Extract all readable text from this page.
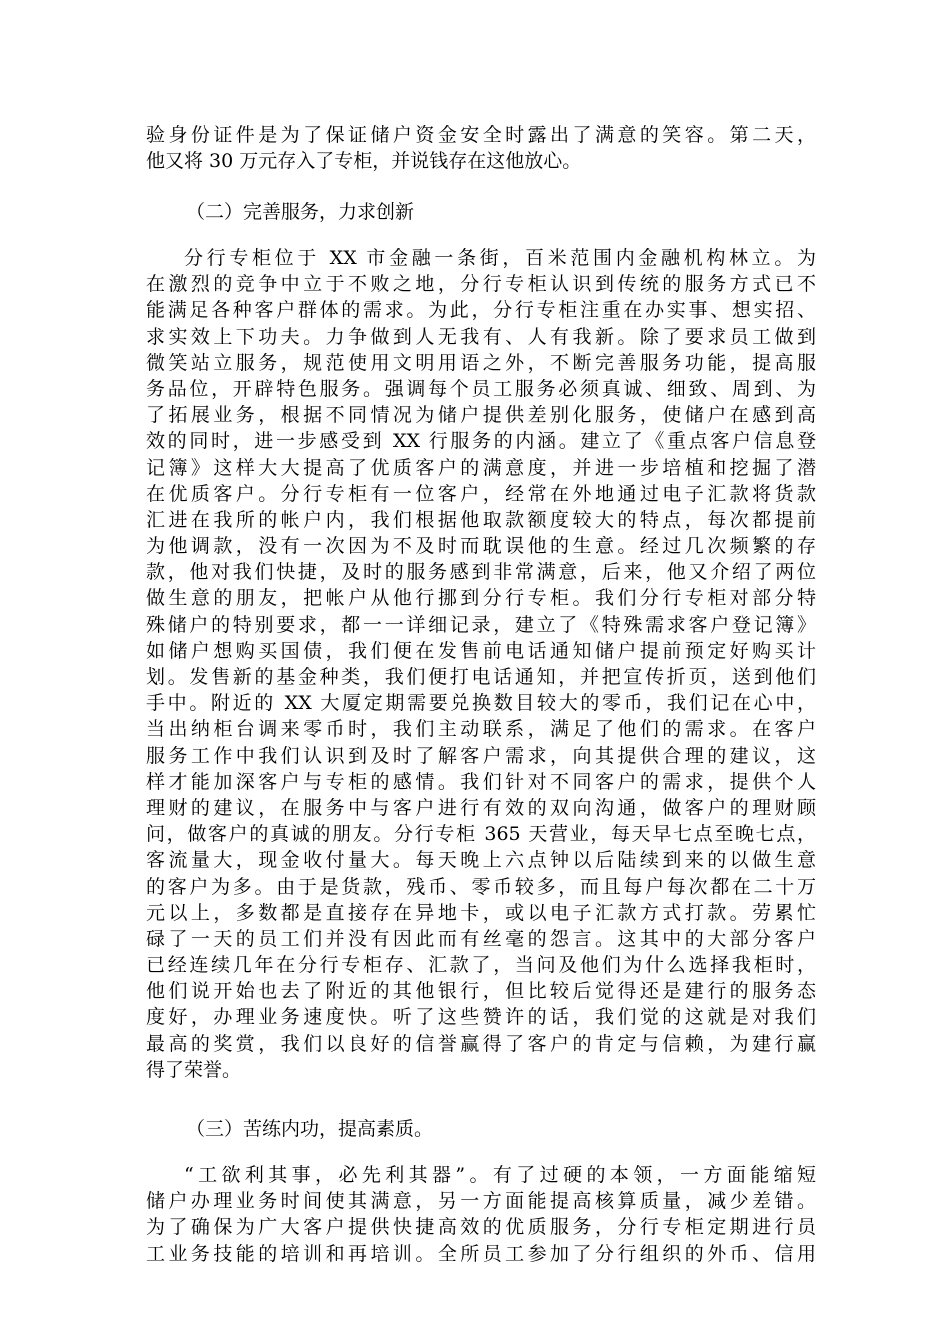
验身份证件是为了保证储户资金安全时露出了满意的笑容。第二天，
他又将 30 万元存入了专柜，并说钱存在这他放心。
（二）完善服务，力求创新
分行专柜位于 XX 市金融一条街，百米范围内金融机构林立。为
在激烈的竞争中立于不败之地，分行专柜认识到传统的服务方式已不
能满足各种客户群体的需求。为此，分行专柜注重在办实事、想实招、
求实效上下功夫。力争做到人无我有、人有我新。除了要求员工做到
微笑站立服务，规范使用文明用语之外，不断完善服务功能，提高服
务品位，开辟特色服务。强调每个员工服务必须真诚、细致、周到、为
了拓展业务，根据不同情况为储户提供差别化服务，使储户在感到高
效的同时，进一步感受到 XX 行服务的内涵。建立了《重点客户信息登
记簿》这样大大提高了优质客户的满意度，并进一步培植和挖掘了潜
在优质客户。分行专柜有一位客户，经常在外地通过电子汇款将货款
汇进在我所的帐户内，我们根据他取款额度较大的特点，每次都提前
为他调款，没有一次因为不及时而耽误他的生意。经过几次频繁的存
款，他对我们快捷，及时的服务感到非常满意，后来，他又介绍了两位
做生意的朋友，把帐户从他行挪到分行专柜。我们分行专柜对部分特
殊储户的特别要求，都一一详细记录，建立了《特殊需求客户登记簿》
如储户想购买国债，我们便在发售前电话通知储户提前预定好购买计
划。发售新的基金种类，我们便打电话通知，并把宣传折页，送到他们
手中。附近的 XX 大厦定期需要兑换数目较大的零币，我们记在心中，
当出纳柜台调来零币时，我们主动联系，满足了他们的需求。在客户
服务工作中我们认识到及时了解客户需求，向其提供合理的建议，这
样才能加深客户与专柜的感情。我们针对不同客户的需求，提供个人
理财的建议，在服务中与客户进行有效的双向沟通，做客户的理财顾
问，做客户的真诚的朋友。分行专柜 365 天营业，每天早七点至晚七点，
客流量大，现金收付量大。每天晚上六点钟以后陆续到来的以做生意
的客户为多。由于是货款，残币、零币较多，而且每户每次都在二十万
元以上，多数都是直接存在异地卡，或以电子汇款方式打款。劳累忙
碌了一天的员工们并没有因此而有丝毫的怨言。这其中的大部分客户
已经连续几年在分行专柜存、汇款了，当问及他们为什么选择我柜时，
他们说开始也去了附近的其他银行，但比较后觉得还是建行的服务态
度好，办理业务速度快。听了这些赞许的话，我们觉的这就是对我们
最高的奖赏，我们以良好的信誉赢得了客户的肯定与信赖，为建行赢
得了荣誉。
（三）苦练内功，提高素质。
“工欲利其事，必先利其器”。有了过硬的本领，一方面能缩短
储户办理业务时间使其满意，另一方面能提高核算质量，减少差错。
为了确保为广大客户提供快捷高效的优质服务，分行专柜定期进行员
工业务技能的培训和再培训。全所员工参加了分行组织的外币、信用
